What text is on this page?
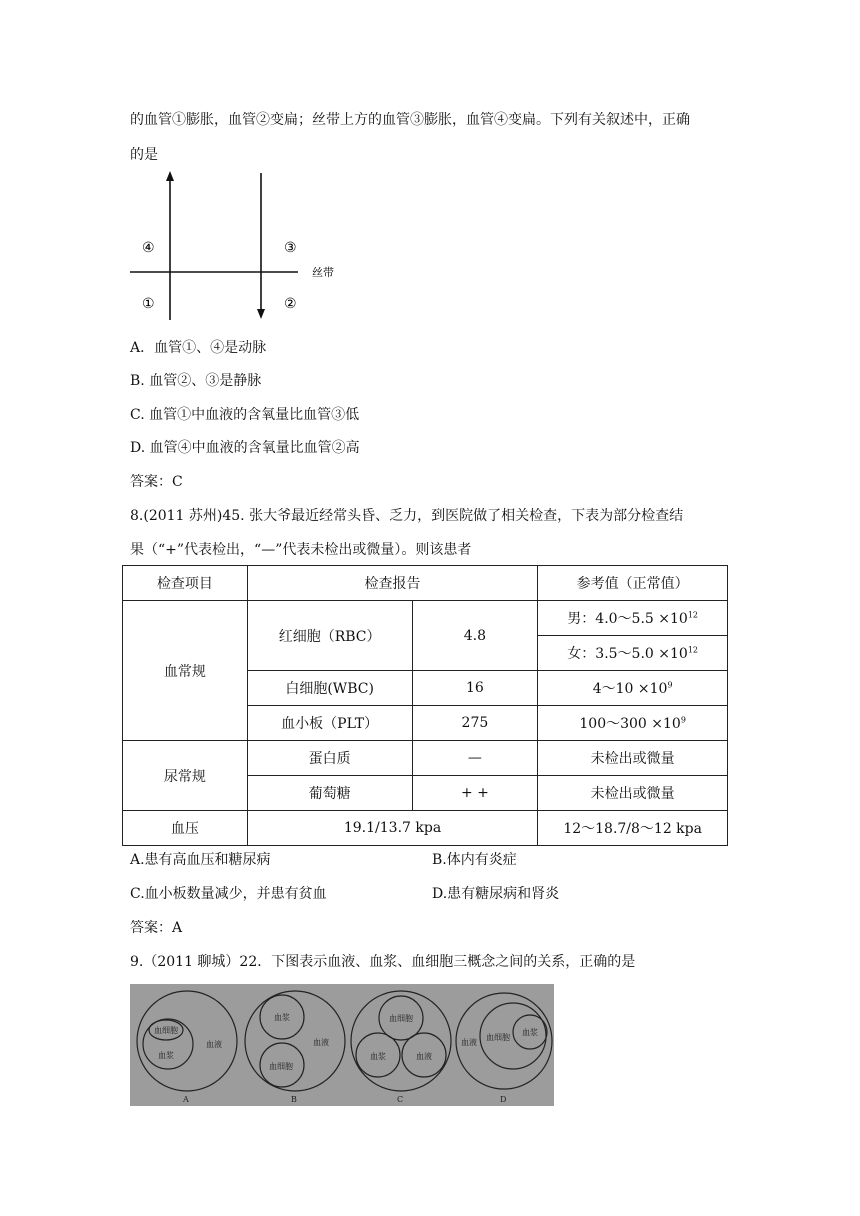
的血管①膨胀，血管②变扁；丝带上方的血管③膨胀，血管④变扁。下列有关叙述中，正确
的是
④	③
①	②
丝带
A．血管①、④是动脉
B. 血管②、③是静脉
C. 血管①中血液的含氧量比血管③低
D. 血管④中血液的含氧量比血管②高
答案：C
8.(2011 苏州)45. 张大爷最近经常头昏、乏力，到医院做了相关检查，下表为部分检查结
果（“+”代表检出，“—”代表未检出或微量）。则该患者
检查项目	检查报告		参考值（正常值）
血常规	红细胞（RBC）	4.8	男：4.0～5.5 $\times 10^{12}$
			女：3.5～5.0 $\times 10^{12}$
	白细胞(WBC)	16	4～10 $\times 10^9$
	血小板（PLT）	275	100～300 $\times 10^9$
尿常规	蛋白质	—	未检出或微量
	葡萄糖	+ +	未检出或微量
血压	19.1/13.7 kpa		12～18.7/8～12 kpa
A.患有高血压和糖尿病	B.体内有炎症
C.血小板数量减少，并患有贫血	D.患有糖尿病和肾炎
答案：A
9.（2011 聊城）22．下图表示血液、血浆、血细胞三概念之间的关系，正确的是
血细胞
血浆
血液
A
血浆
血细胞
血液
B
血细胞
血浆	血液
C
血液
血细胞
血浆
D
